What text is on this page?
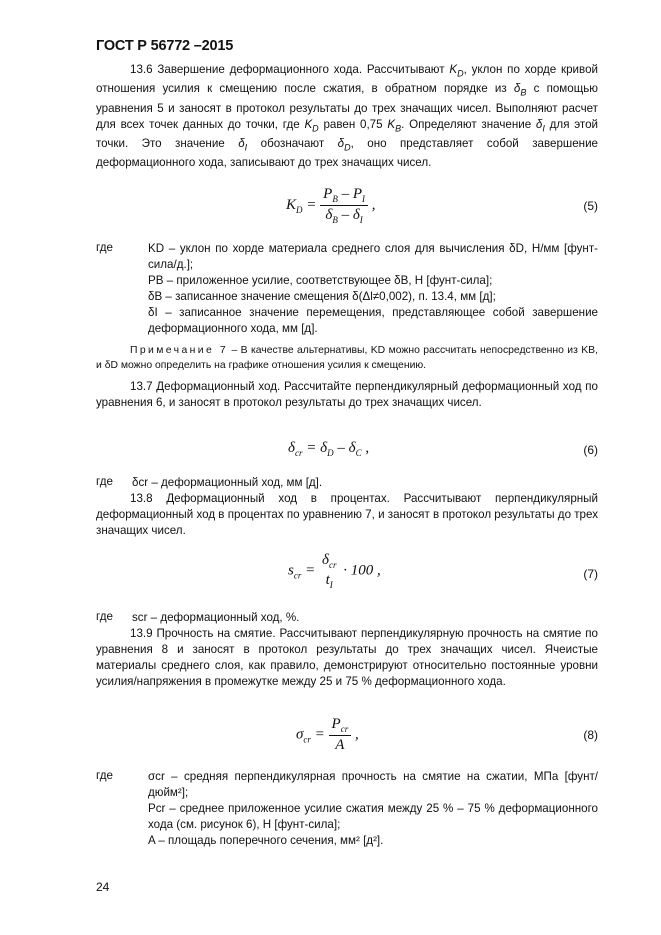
ГОСТ Р 56772 –2015
13.6 Завершение деформационного хода. Рассчитывают $K_D$, уклон по хорде кривой отношения усилия к смещению после сжатия, в обратном порядке из $\delta_B$ с помощью уравнения 5 и заносят в протокол результаты до трех значащих чисел. Выполняют расчет для всех точек данных до точки, где $K_D$ равен 0,75 $K_B$. Определяют значение $\delta_I$ для этой точки. Это значение $\delta_I$ обозначают $\delta_D$, оно представляет собой завершение деформационного хода, записывают до трех значащих чисел.
$K_D = \frac{P_B - P_I}{\delta_B - \delta_I}$ ,	(5)
где	KD – уклон по хорде материала среднего слоя для вычисления δD, Н/мм [фунт-сила/д.];
PB – приложенное усилие, соответствующее δB, Н [фунт-сила];
δB – записанное значение смещения δ(Δl≠0,002), п. 13.4, мм [д];
δI – записанное значение перемещения, представляющее собой завершение деформационного хода, мм [д].
Примечание 7 – В качестве альтернативы, KD можно рассчитать непосредственно из KB, и δD можно определить на графике отношения усилия к смещению.
13.7 Деформационный ход. Рассчитайте перпендикулярный деформационный ход по уравнения 6, и заносят в протокол результаты до трех значащих чисел.
$\delta_{cr} = \delta_D - \delta_C$ ,	(6)
где δcr – деформационный ход, мм [д].
13.8 Деформационный ход в процентах. Рассчитывают перпендикулярный деформационный ход в процентах по уравнению 7, и заносят в протокол результаты до трех значащих чисел.
$s_{cr}$ =
$\delta_{cr}$
$t_I$
· 100 ,	(7)
где scr – деформационный ход, %.
13.9 Прочность на смятие. Рассчитывают перпендикулярную прочность на смятие по уравнения 8 и заносят в протокол результаты до трех значащих чисел. Ячеистые материалы среднего слоя, как правило, демонстрируют относительно постоянные уровни усилия/напряжения в промежутке между 25 и 75 % деформационного хода.
$\sigma_{cr} = \frac{P_{cr}}{A}$ ,	(8)
где	σcr – средняя перпендикулярная прочность на смятие на сжатии, МПа [фунт/дюйм²];
Pcr – среднее приложенное усилие сжатия между 25 % – 75 % деформационного хода (см. рисунок 6), Н [фунт-сила];
A – площадь поперечного сечения, мм² [д²].
24
